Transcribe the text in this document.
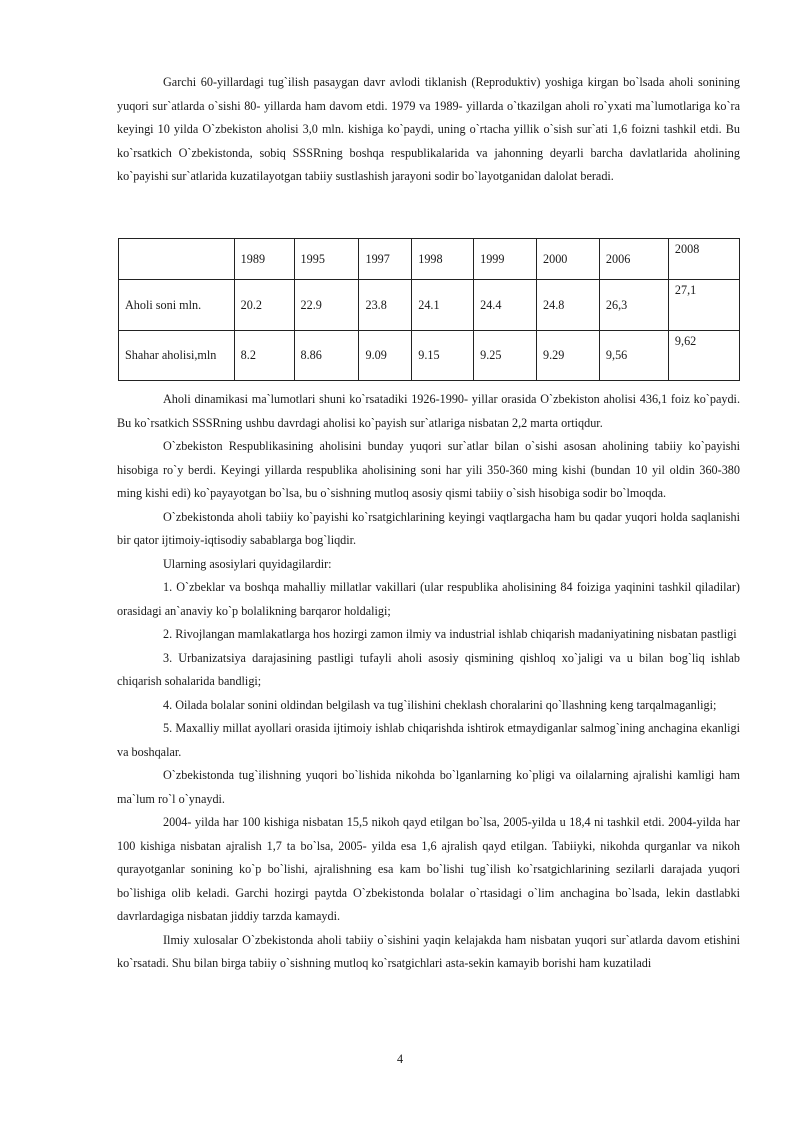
Garchi 60-yillardagi tug`ilish pasaygan davr avlodi tiklanish (Reproduktiv) yoshiga kirgan bo`lsada aholi sonining yuqori sur`atlarda o`sishi 80- yillarda ham davom etdi. 1979 va 1989- yillarda o`tkazilgan aholi ro`yxati ma`lumotlariga ko`ra keyingi 10 yilda O`zbekiston aholisi 3,0 mln. kishiga ko`paydi, uning o`rtacha yillik o`sish sur`ati 1,6 foizni tashkil etdi. Bu ko`rsatkich O`zbekistonda, sobiq SSSRning boshqa respublikalarida va jahonning deyarli barcha davlatlarida aholining ko`payishi sur`atlarida kuzatilayotgan tabiiy sustlashish jarayoni sodir bo`layotganidan dalolat beradi.

	1989	1995	1997	1998	1999	2000	2006	2008
Aholi soni mln.	20.2	22.9	23.8	24.1	24.4	24.8	26,3	27,1
Shahar aholisi,mln	8.2	8.86	9.09	9.15	9.25	9.29	9,56	9,62

Aholi dinamikasi ma`lumotlari shuni ko`rsatadiki 1926-1990- yillar orasida O`zbekiston aholisi 436,1 foiz ko`paydi. Bu ko`rsatkich SSSRning ushbu davrdagi aholisi ko`payish sur`atlariga nisbatan 2,2 marta ortiqdur.

O`zbekiston Respublikasining aholisini bunday yuqori sur`atlar bilan o`sishi asosan aholining tabiiy ko`payishi hisobiga ro`y berdi. Keyingi yillarda respublika aholisining soni har yili 350-360 ming kishi (bundan 10 yil oldin 360-380 ming kishi edi) ko`payayotgan bo`lsa, bu o`sishning mutloq asosiy qismi tabiiy o`sish hisobiga sodir bo`lmoqda.

O`zbekistonda aholi tabiiy ko`payishi ko`rsatgichlarining keyingi vaqtlargacha ham bu qadar yuqori holda saqlanishi bir qator ijtimoiy-iqtisodiy sabablarga bog`liqdir.

Ularning asosiylari quyidagilardir:

1. O`zbeklar va boshqa mahalliy millatlar vakillari (ular respublika aholisining 84 foiziga yaqinini tashkil qiladilar) orasidagi an`anaviy ko`p bolalikning barqaror holdaligi;

2. Rivojlangan mamlakatlarga hos hozirgi zamon ilmiy va industrial ishlab chiqarish madaniyatining nisbatan pastligi

3. Urbanizatsiya darajasining pastligi tufayli aholi asosiy qismining qishloq xo`jaligi va u bilan bog`liq ishlab chiqarish sohalarida bandligi;

4. Oilada bolalar sonini oldindan belgilash va tug`ilishini cheklash choralarini qo`llashning keng tarqalmaganligi;

5. Maxalliy millat ayollari orasida ijtimoiy ishlab chiqarishda ishtirok etmaydiganlar salmog`ining anchagina ekanligi va boshqalar.

O`zbekistonda tug`ilishning yuqori bo`lishida nikohda bo`lganlarning ko`pligi va oilalarning ajralishi kamligi ham ma`lum ro`l o`ynaydi.

2004- yilda har 100 kishiga nisbatan 15,5 nikoh qayd etilgan bo`lsa, 2005-yilda u 18,4 ni tashkil etdi. 2004-yilda har 100 kishiga nisbatan ajralish 1,7 ta bo`lsa, 2005- yilda esa 1,6 ajralish qayd etilgan. Tabiiyki, nikohda qurganlar va nikoh qurayotganlar sonining ko`p bo`lishi, ajralishning esa kam bo`lishi tug`ilish ko`rsatgichlarining sezilarli darajada yuqori bo`lishiga olib keladi. Garchi hozirgi paytda O`zbekistonda bolalar o`rtasidagi o`lim anchagina bo`lsada, lekin dastlabki davrlardagiga nisbatan jiddiy tarzda kamaydi.

Ilmiy xulosalar O`zbekistonda aholi tabiiy o`sishini yaqin kelajakda ham nisbatan yuqori sur`atlarda davom etishini ko`rsatadi. Shu bilan birga tabiiy o`sishning mutloq ko`rsatgichlari asta-sekin kamayib borishi ham kuzatiladi

4
